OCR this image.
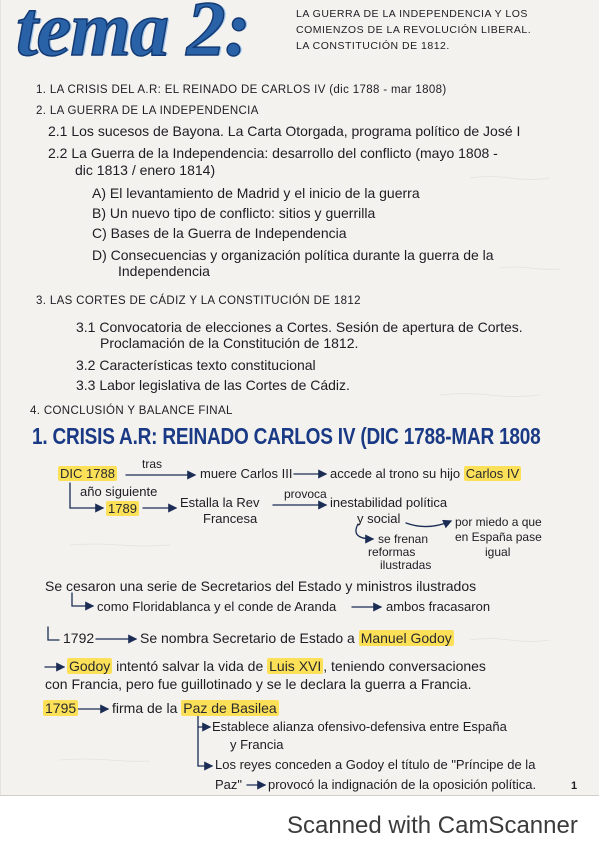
tema 2:	LA GUERRA DE LA INDEPENDENCIA Y LOS
COMIENZOS DE LA REVOLUCIÓN LIBERAL.
LA CONSTITUCIÓN DE 1812.
1. LA CRISIS DEL A.R: EL REINADO DE CARLOS IV (dic 1788 - mar 1808)
2. LA GUERRA DE LA INDEPENDENCIA
2.1 Los sucesos de Bayona. La Carta Otorgada, programa político de José I
2.2 La Guerra de la Independencia: desarrollo del conflicto (mayo 1808 -
dic 1813 / enero 1814)
A) El levantamiento de Madrid y el inicio de la guerra
B) Un nuevo tipo de conflicto: sitios y guerrilla
C) Bases de la Guerra de Independencia
D) Consecuencias y organización política durante la guerra de la
Independencia
3. LAS CORTES DE CÁDIZ Y LA CONSTITUCIÓN DE 1812
3.1 Convocatoria de elecciones a Cortes. Sesión de apertura de Cortes.
Proclamación de la Constitución de 1812.
3.2 Características texto constitucional
3.3 Labor legislativa de las Cortes de Cádiz.
4. CONCLUSIÓN Y BALANCE FINAL
1. CRISIS A.R: REINADO CARLOS IV (DIC 1788-MAR 1808
DIC 1788
tras
muere Carlos III	accede al trono su hijo Carlos IV
año siguiente
1789	Estalla la Rev
Francesa
provoca
inestabilidad política
y social	por miedo a que
en España pase
igual
se frenan
reformas
ilustradas
Se cesaron una serie de Secretarios del Estado y ministros ilustrados
como Floridablanca y el conde de Aranda	ambos fracasaron
1792	Se nombra Secretario de Estado a Manuel Godoy
Godoy intentó salvar la vida de Luis XVI , teniendo conversaciones
con Francia, pero fue guillotinado y se le declara la guerra a Francia.
1795	firma de la Paz de Basilea
Establece alianza ofensivo-defensiva entre España
y Francia
Los reyes conceden a Godoy el título de "Príncipe de la
Paz" provocó la indignación de la oposición política.	1
Scanned with CamScanner
